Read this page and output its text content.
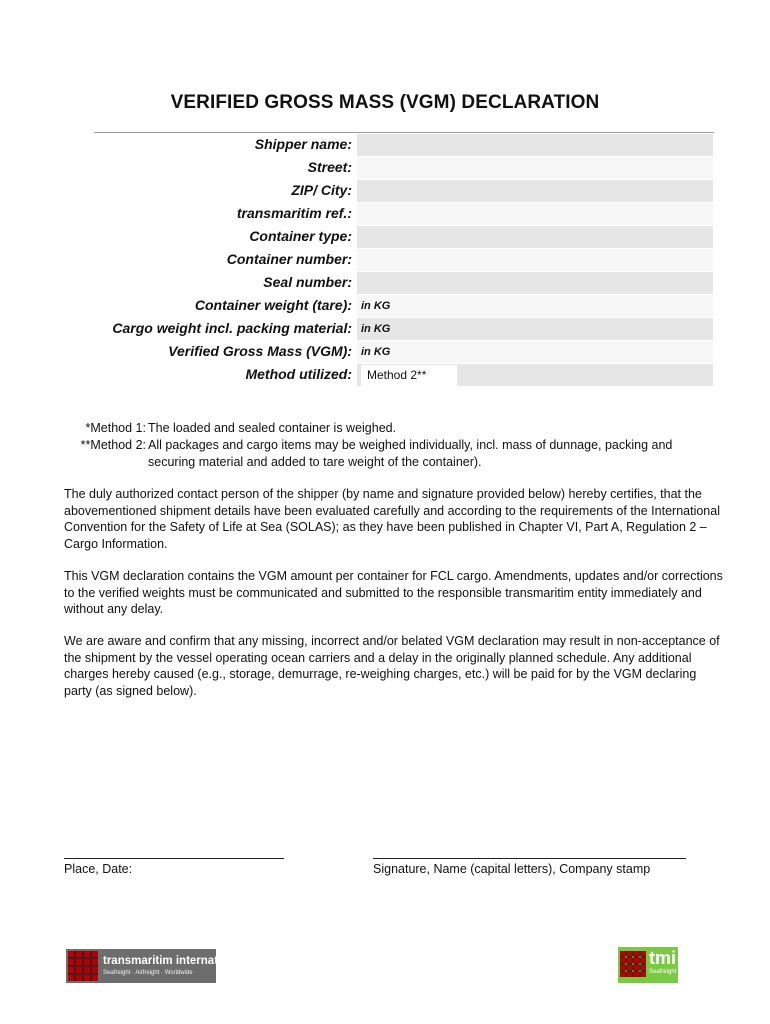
VERIFIED GROSS MASS (VGM) DECLARATION
Shipper name:
Street:
ZIP/ City:
transmaritim ref.:
Container type:
Container number:
Seal number:
Container weight (tare): in KG
Cargo weight incl. packing material: in KG
Verified Gross Mass (VGM): in KG
Method utilized:	Method 2**
*Method 1: The loaded and sealed container is weighed.
**Method 2: All packages and cargo items may be weighed individually, incl. mass of dunnage, packing and securing material and added to tare weight of the container).
The duly authorized contact person of the shipper (by name and signature provided below) hereby certifies, that the abovementioned shipment details have been evaluated carefully and according to the requirements of the International Convention for the Safety of Life at Sea (SOLAS); as they have been published in Chapter VI, Part A, Regulation 2 – Cargo Information.
This VGM declaration contains the VGM amount per container for FCL cargo. Amendments, updates and/or corrections to the verified weights must be communicated and submitted to the responsible transmaritim entity immediately and without any delay.
We are aware and confirm that any missing, incorrect and/or belated VGM declaration may result in non-acceptance of the shipment by the vessel operating ocean carriers and a delay in the originally planned schedule. Any additional charges hereby caused (e.g., storage, demurrage, re-weighing charges, etc.) will be paid for by the VGM declaring party (as signed below).
Place, Date:	Signature, Name (capital letters), Company stamp
transmaritim international
Seafreight · Airfreight · Worldwide
tmi
Seafreight
